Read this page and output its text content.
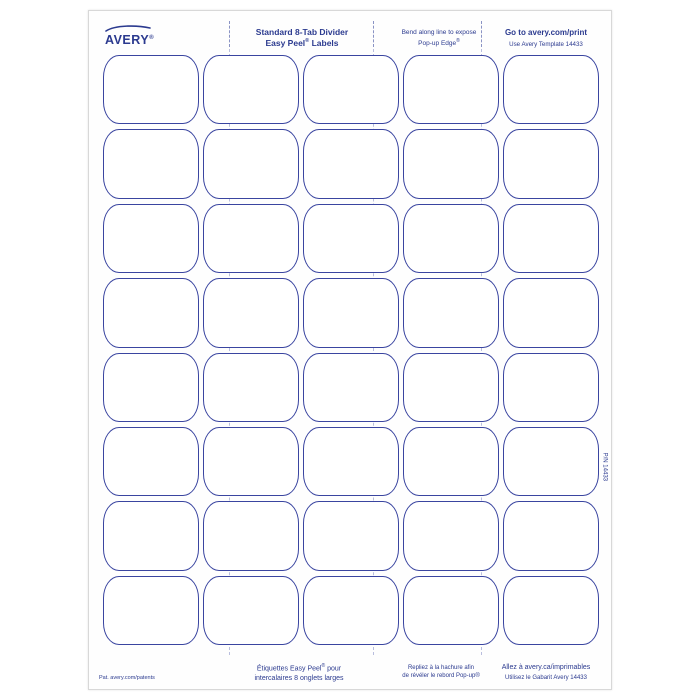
AVERY®
Standard 8-Tab Divider
Easy Peel® Labels
Bend along line to expose
Pop-up Edge®
Go to avery.com/print
Use Avery Template 14433
P/N 14433
Pat. avery.com/patents
Étiquettes Easy Peel® pour
intercalaires 8 onglets larges
Repliez à la hachure afin
de révéler le rebord Pop-up®
Allez à avery.ca/imprimables
Utilisez le Gabarit Avery 14433
